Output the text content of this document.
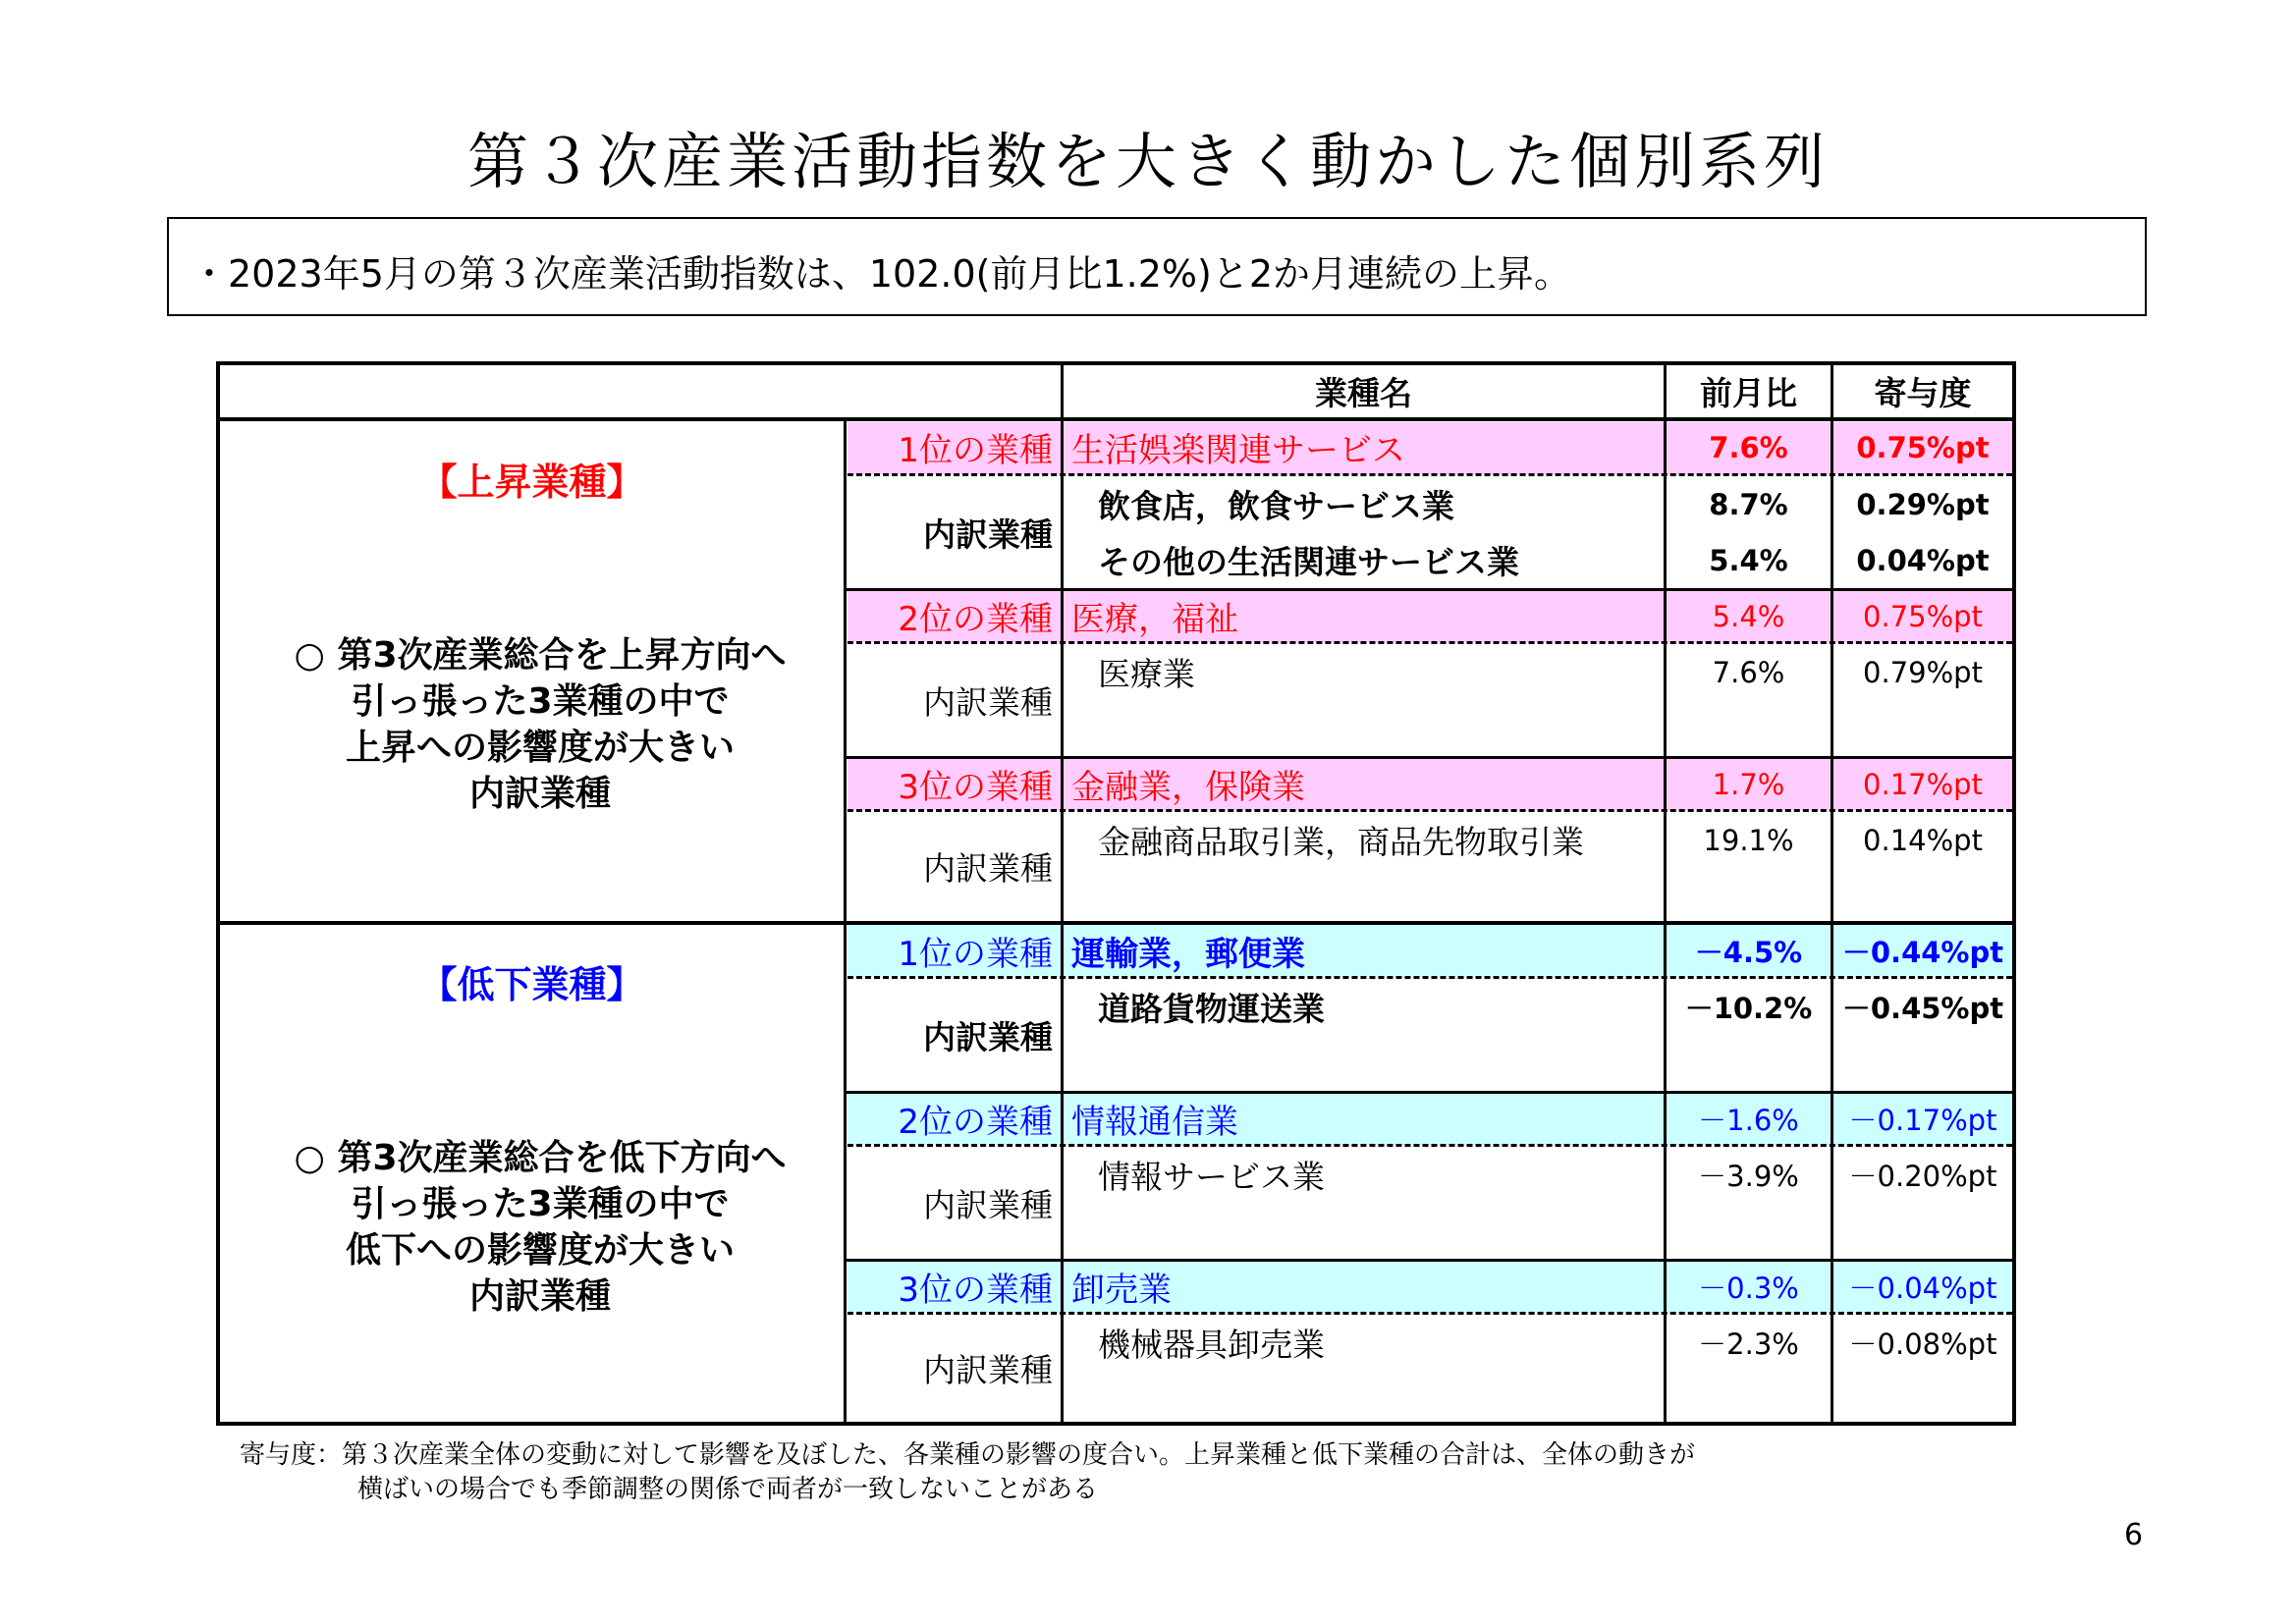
第３次産業活動指数を大きく動かした個別系列
・2023年5月の第３次産業活動指数は、102.0(前月比1.2%)と2か月連続の上昇。
業種名	前月比	寄与度
【上昇業種】
○ 第3次産業総合を上昇方向へ
引っ張った3業種の中で
上昇への影響度が大きい
内訳業種
1位の業種 生活娯楽関連サービス	7.6%	0.75%pt
内訳業種
飲食店，飲食サービス業	8.7%	0.29%pt
その他の生活関連サービス業	5.4%	0.04%pt
2位の業種 医療，福祉	5.4%	0.75%pt
内訳業種
医療業	7.6%	0.79%pt
3位の業種 金融業，保険業	1.7%	0.17%pt
内訳業種
金融商品取引業，商品先物取引業	19.1%	0.14%pt
【低下業種】
○ 第3次産業総合を低下方向へ
引っ張った3業種の中で
低下への影響度が大きい
内訳業種
1位の業種 運輸業，郵便業	－4.5%	－0.44%pt
内訳業種
道路貨物運送業	－10.2%	－0.45%pt
2位の業種 情報通信業	－1.6%	－0.17%pt
内訳業種
情報サービス業	－3.9%	－0.20%pt
3位の業種 卸売業	－0.3%	－0.04%pt
内訳業種
機械器具卸売業	－2.3%	－0.08%pt
寄与度：第３次産業全体の変動に対して影響を及ぼした、各業種の影響の度合い。上昇業種と低下業種の合計は、全体の動きが
横ばいの場合でも季節調整の関係で両者が一致しないことがある
6
